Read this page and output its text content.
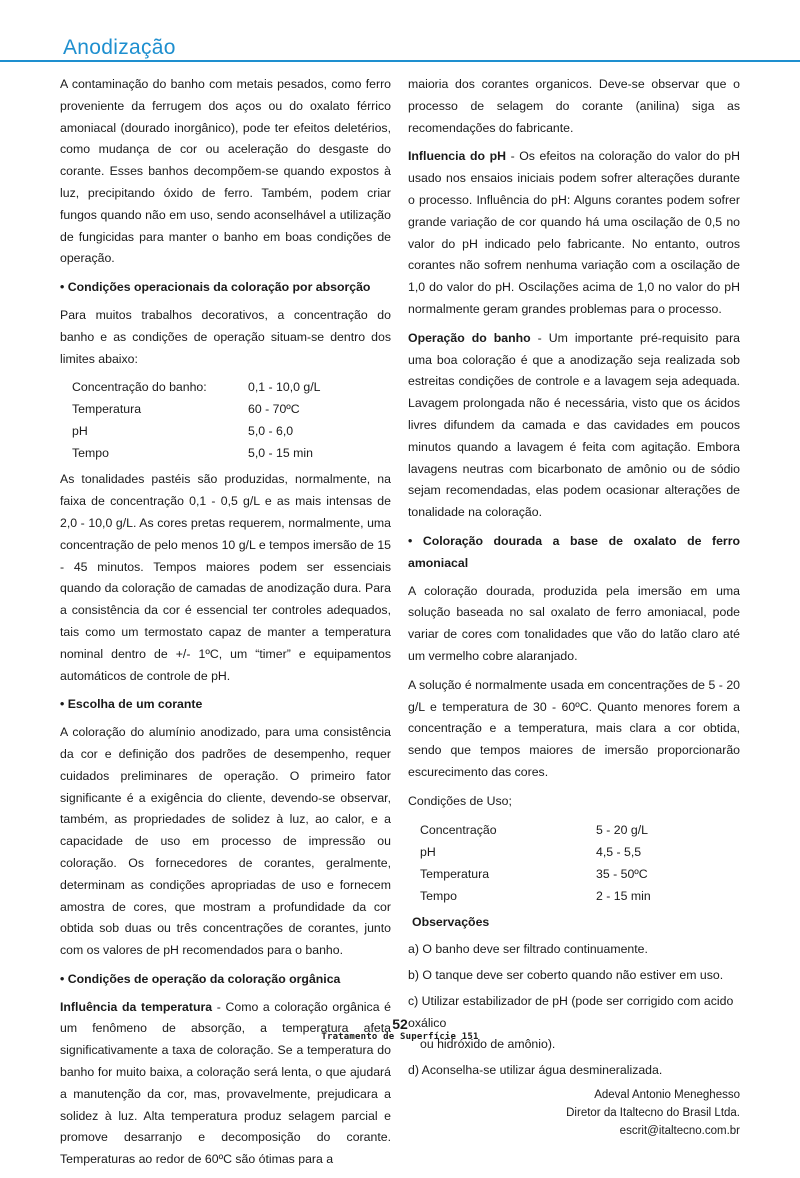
Anodização

A contaminação do banho com metais pesados, como ferro proveniente da ferrugem dos aços ou do oxalato férrico amoniacal (dourado inorgânico), pode ter efeitos deletérios, como mudança de cor ou aceleração do desgaste do corante. Esses banhos decompõem-se quando expostos à luz, precipitando óxido de ferro. Também, podem criar fungos quando não em uso, sendo aconselhável a utilização de fungicidas para manter o banho em boas condições de operação.

• Condições operacionais da coloração por absorção

Para muitos trabalhos decorativos, a concentração do banho e as condições de operação situam-se dentro dos limites abaixo:

Concentração do banho:	0,1 - 10,0 g/L
Temperatura	60 - 70ºC
pH	5,0 - 6,0
Tempo	5,0 - 15 min

As tonalidades pastéis são produzidas, normalmente, na faixa de concentração 0,1 - 0,5 g/L e as mais intensas de 2,0 - 10,0 g/L. As cores pretas requerem, normalmente, uma concentração de pelo menos 10 g/L e tempos imersão de 15 - 45 minutos. Tempos maiores podem ser essenciais quando da coloração de camadas de anodização dura. Para a consistência da cor é essencial ter controles adequados, tais como um termostato capaz de manter a temperatura nominal dentro de +/- 1ºC, um “timer” e equipamentos automáticos de controle de pH.

• Escolha de um corante

A coloração do alumínio anodizado, para uma consistência da cor e definição dos padrões de desempenho, requer cuidados preliminares de operação. O primeiro fator significante é a exigência do cliente, devendo-se observar, também, as propriedades de solidez à luz, ao calor, e a capacidade de uso em processo de impressão ou coloração. Os fornecedores de corantes, geralmente, determinam as condições apropriadas de uso e fornecem amostra de cores, que mostram a profundidade da cor obtida sob duas ou três concentrações de corantes, junto com os valores de pH recomendados para o banho.

• Condições de operação da coloração orgânica

Influência da temperatura - Como a coloração orgânica é um fenômeno de absorção, a temperatura afeta significativamente a taxa de coloração. Se a temperatura do banho for muito baixa, a coloração será lenta, o que ajudará a manutenção da cor, mas, provavelmente, prejudicara a solidez à luz. Alta temperatura produz selagem parcial e promove desarranjo e decomposição do corante. Temperaturas ao redor de 60ºC são ótimas para a

maioria dos corantes organicos. Deve-se observar que o processo de selagem do corante (anilina) siga as recomendações do fabricante.

Influencia do pH - Os efeitos na coloração do valor do pH usado nos ensaios iniciais podem sofrer alterações durante o processo. Influência do pH: Alguns corantes podem sofrer grande variação de cor quando há uma oscilação de 0,5 no valor do pH indicado pelo fabricante. No entanto, outros corantes não sofrem nenhuma variação com a oscilação de 1,0 do valor do pH. Oscilações acima de 1,0 no valor do pH normalmente geram grandes problemas para o processo.

Operação do banho - Um importante pré-requisito para uma boa coloração é que a anodização seja realizada sob estreitas condições de controle e a lavagem seja adequada. Lavagem prolongada não é necessária, visto que os ácidos livres difundem da camada e das cavidades em poucos minutos quando a lavagem é feita com agitação. Embora lavagens neutras com bicarbonato de amônio ou de sódio sejam recomendadas, elas podem ocasionar alterações de tonalidade na coloração.

• Coloração dourada a base de oxalato de ferro amoniacal

A coloração dourada, produzida pela imersão em uma solução baseada no sal oxalato de ferro amoniacal, pode variar de cores com tonalidades que vão do latão claro até um vermelho cobre alaranjado.

A solução é normalmente usada em concentrações de 5 - 20 g/L e temperatura de 30 - 60ºC. Quanto menores forem a concentração e a temperatura, mais clara a cor obtida, sendo que tempos maiores de imersão proporcionarão escurecimento das cores.

Condições de Uso;

Concentração	5 - 20 g/L
pH	4,5 - 5,5
Temperatura	35 - 50ºC
Tempo	2 - 15 min

Observações

a) O banho deve ser filtrado continuamente.
b) O tanque deve ser coberto quando não estiver em uso.
c) Utilizar estabilizador de pH (pode ser corrigido com acido oxálico
ou hidróxido de amônio).
d) Aconselha-se utilizar água desmineralizada.
Adeval Antonio Meneghesso
Diretor da Italtecno do Brasil Ltda.
escrit@italtecno.com.br
52
Tratamento de Superfície 151
